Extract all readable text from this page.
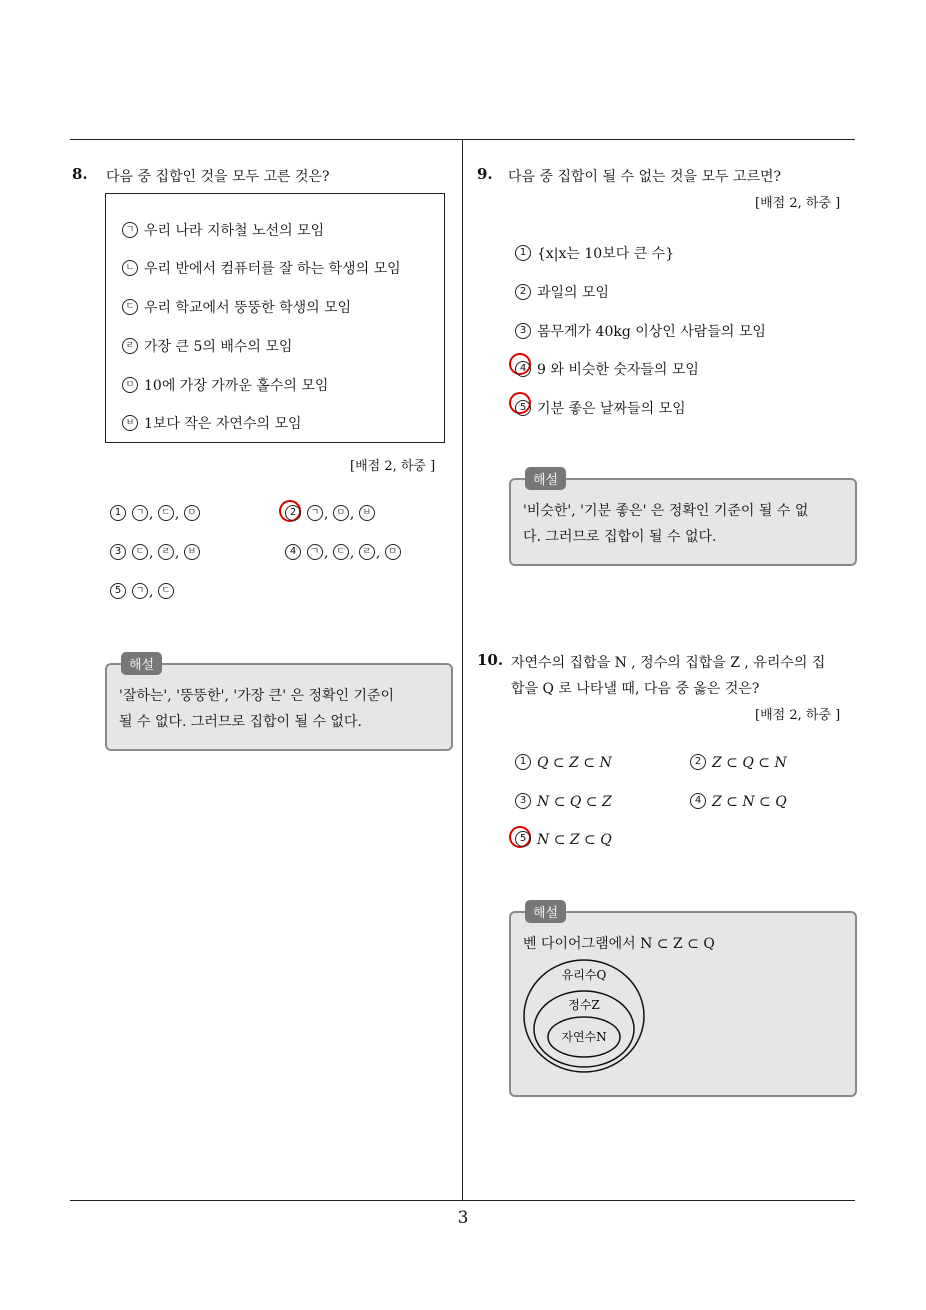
8. 다음 중 집합인 것을 모두 고른 것은?
ㄱ 우리 나라 지하철 노선의 모임
ㄴ 우리 반에서 컴퓨터를 잘 하는 학생의 모임
ㄷ 우리 학교에서 뚱뚱한 학생의 모임
ㄹ 가장 큰 5의 배수의 모임
ㅁ 10에 가장 가까운 홀수의 모임
ㅂ 1보다 작은 자연수의 모임
[배점 2, 하중 ]
1 ㄱ , ㄷ , ㅁ	2 ㄱ , ㅁ , ㅂ
3 ㄷ , ㄹ , ㅂ	4 ㄱ , ㄷ , ㄹ , ㅁ
5 ㄱ , ㄷ
해설
'잘하는', '뚱뚱한', '가장 큰' 은 정확인 기준이
될 수 없다. 그러므로 집합이 될 수 없다.
9. 다음 중 집합이 될 수 없는 것을 모두 고르면?
[배점 2, 하중 ]
1 {x|x는 10보다 큰 수}
2 과일의 모임
3 몸무게가 40kg 이상인 사람들의 모임
4 9 와 비슷한 숫자들의 모임
5 기분 좋은 날짜들의 모임
해설
'비슷한', '기분 좋은' 은 정확인 기준이 될 수 없
다. 그러므로 집합이 될 수 없다.
10. 자연수의 집합을 N , 정수의 집합을 Z , 유리수의 집
합을 Q 로 나타낼 때, 다음 중 옳은 것은?
[배점 2, 하중 ]
1 Q ⊂ Z ⊂ N	2 Z ⊂ Q ⊂ N
3 N ⊂ Q ⊂ Z	4 Z ⊂ N ⊂ Q
5 N ⊂ Z ⊂ Q
해설
벤 다이어그램에서 N ⊂ Z ⊂ Q
유리수Q
정수Z
자연수N
3
